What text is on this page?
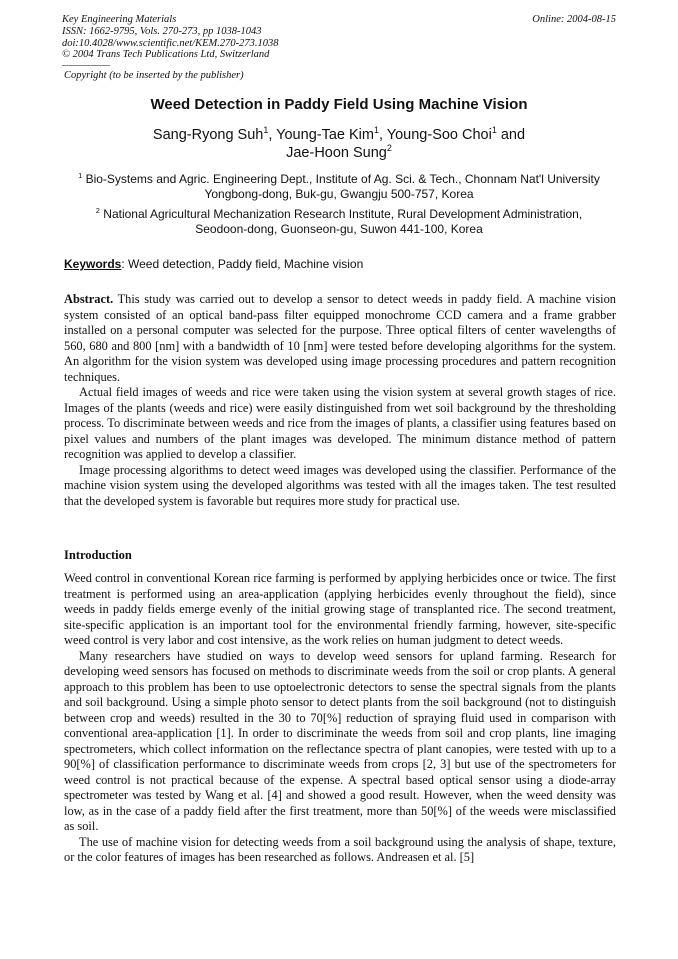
Key Engineering Materials
ISSN: 1662-9795, Vols. 270-273, pp 1038-1043
doi:10.4028/www.scientific.net/KEM.270-273.1038
© 2004 Trans Tech Publications Ltd, Switzerland
Online: 2004-08-15
Copyright (to be inserted by the publisher)
Weed Detection in Paddy Field Using Machine Vision
Sang-Ryong Suh$^1$, Young-Tae Kim$^1$, Young-Soo Choi$^1$ and
Jae-Hoon Sung$^2$
$^1$ Bio-Systems and Agric. Engineering Dept., Institute of Ag. Sci. & Tech., Chonnam Nat'l University
Yongbong-dong, Buk-gu, Gwangju 500-757, Korea
$^2$ National Agricultural Mechanization Research Institute, Rural Development Administration,
Seodoon-dong, Guonseon-gu, Suwon 441-100, Korea
Keywords: Weed detection, Paddy field, Machine vision

Abstract. This study was carried out to develop a sensor to detect weeds in paddy field. A machine vision system consisted of an optical band-pass filter equipped monochrome CCD camera and a frame grabber installed on a personal computer was selected for the purpose. Three optical filters of center wavelengths of 560, 680 and 800 [nm] with a bandwidth of 10 [nm] were tested before developing algorithms for the system. An algorithm for the vision system was developed using image processing procedures and pattern recognition techniques.

Actual field images of weeds and rice were taken using the vision system at several growth stages of rice. Images of the plants (weeds and rice) were easily distinguished from wet soil background by the thresholding process. To discriminate between weeds and rice from the images of plants, a classifier using features based on pixel values and numbers of the plant images was developed. The minimum distance method of pattern recognition was applied to develop a classifier.

Image processing algorithms to detect weed images was developed using the classifier. Performance of the machine vision system using the developed algorithms was tested with all the images taken. The test resulted that the developed system is favorable but requires more study for practical use.

Introduction

Weed control in conventional Korean rice farming is performed by applying herbicides once or twice. The first treatment is performed using an area-application (applying herbicides evenly throughout the field), since weeds in paddy fields emerge evenly of the initial growing stage of transplanted rice. The second treatment, site-specific application is an important tool for the environmental friendly farming, however, site-specific weed control is very labor and cost intensive, as the work relies on human judgment to detect weeds.

Many researchers have studied on ways to develop weed sensors for upland farming. Research for developing weed sensors has focused on methods to discriminate weeds from the soil or crop plants. A general approach to this problem has been to use optoelectronic detectors to sense the spectral signals from the plants and soil background. Using a simple photo sensor to detect plants from the soil background (not to distinguish between crop and weeds) resulted in the 30 to 70[%] reduction of spraying fluid used in comparison with conventional area-application [1]. In order to discriminate the weeds from soil and crop plants, line imaging spectrometers, which collect information on the reflectance spectra of plant canopies, were tested with up to a 90[%] of classification performance to discriminate weeds from crops [2, 3] but use of the spectrometers for weed control is not practical because of the expense. A spectral based optical sensor using a diode-array spectrometer was tested by Wang et al. [4] and showed a good result. However, when the weed density was low, as in the case of a paddy field after the first treatment, more than 50[%] of the weeds were misclassified as soil.

The use of machine vision for detecting weeds from a soil background using the analysis of shape, texture, or the color features of images has been researched as follows. Andreasen et al. [5]
